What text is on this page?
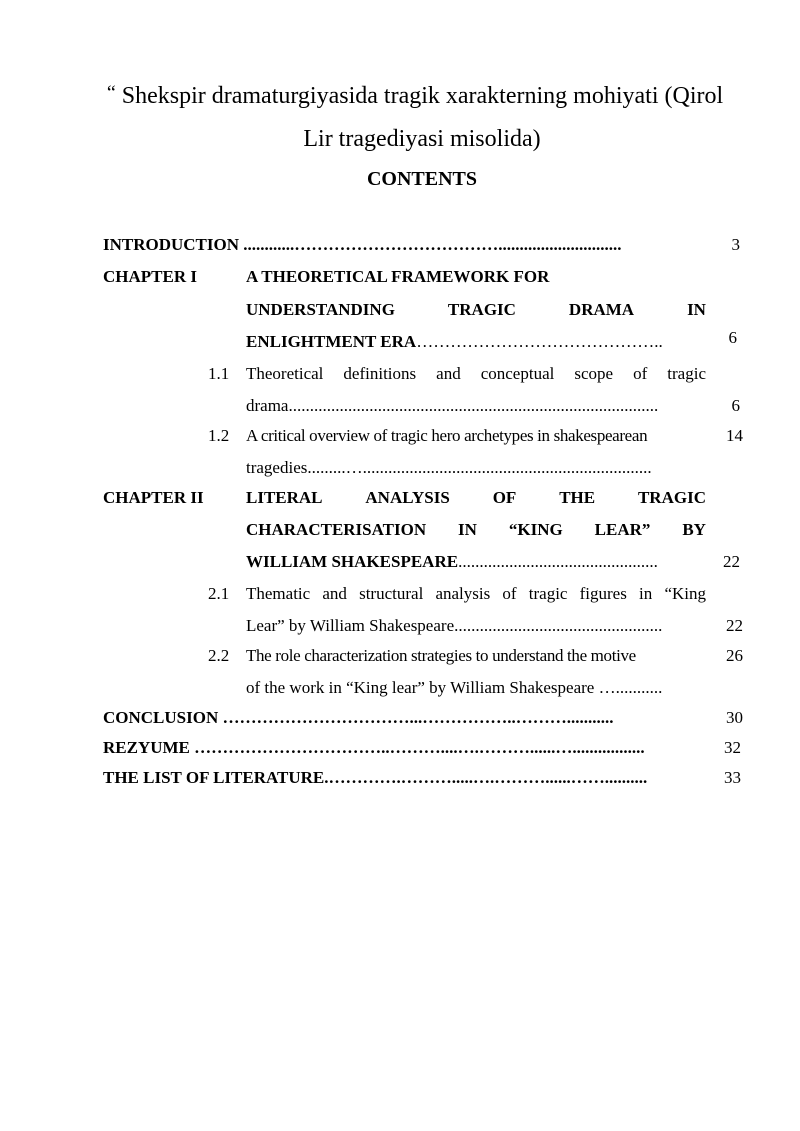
“ Shekspir dramaturgiyasida tragik xarakterning mohiyati (Qirol
Lir tragediyasi misolida)
CONTENTS
INTRODUCTION ............……………………………….............................	3
CHAPTER I	A THEORETICAL FRAMEWORK FOR
UNDERSTANDING	TRAGIC	DRAMA	IN
ENLIGHTMENT ERA……………………………………..	6
1.1 Theoretical definitions and conceptual scope of tragic
drama.......................................................................................	6
1.2 A critical overview of tragic hero archetypes in shakespearean	14
tragedies.........…....................................................................
CHAPTER II LITERAL	ANALYSIS	OF	THE	TRAGIC
CHARACTERISATION IN “KING LEAR” BY
WILLIAM SHAKESPEARE...............................................	22
2.1 Thematic and structural analysis of tragic figures in “King
Lear” by William Shakespeare.................................................	22
2.2 The role characterization strategies to understand the motive	26
of the work in “King lear” by William Shakespeare …...........
CONCLUSION ……………………………...……………..………...........	30
REZYUME ……………………………..………....….………......….................	32
THE LIST OF LITERATURE.………….……….....….………......……..........	33
